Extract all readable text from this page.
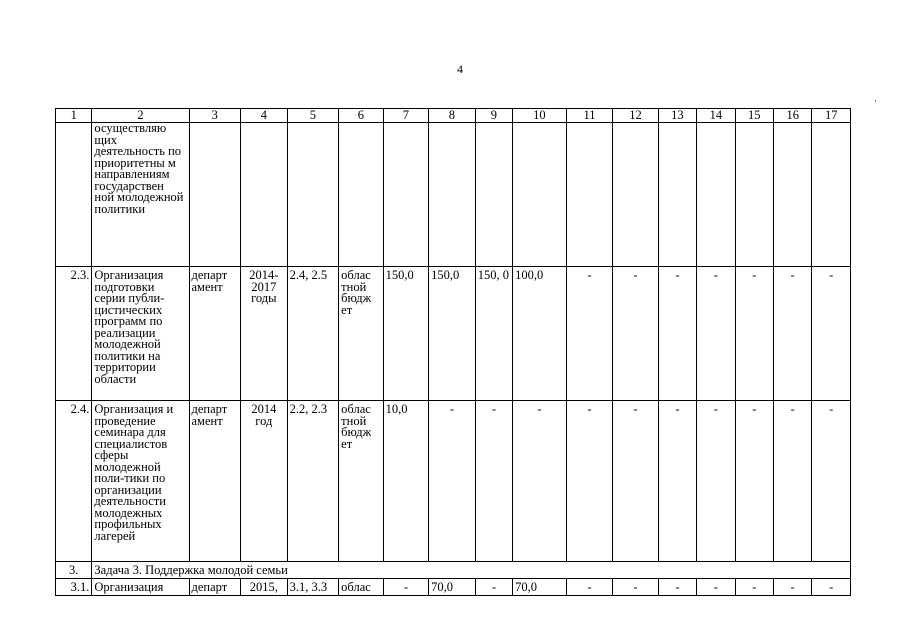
4
·
1	2	3	4	5	6	7	8	9	10	11	12	13	14	15	16	17
	осуществляю щих деятельность по приоритетны м направлениям государствен ной молодежной политики															
2.3.	Организация подготовки серии публи-цистических программ по реализации молодежной политики на территории области	департ амент	2014-2017 годы	2.4, 2.5	облас тной бюдж ет	150,0	150,0	150, 0	100,0	-	-	-	-	-	-	-
2.4.	Организация и проведение семинара для специалистов сферы молодежной поли-тики по организации деятельности молодежных профильных лагерей	департ амент	2014 год	2.2, 2.3	облас тной бюдж ет	10,0	-	-	-	-	-	-	-	-	-	-
3.	Задача 3. Поддержка молодой семьи															
3.1.	Организация	департ	2015,	3.1, 3.3	облас	-	70,0	-	70,0	-	-	-	-	-	-	-
